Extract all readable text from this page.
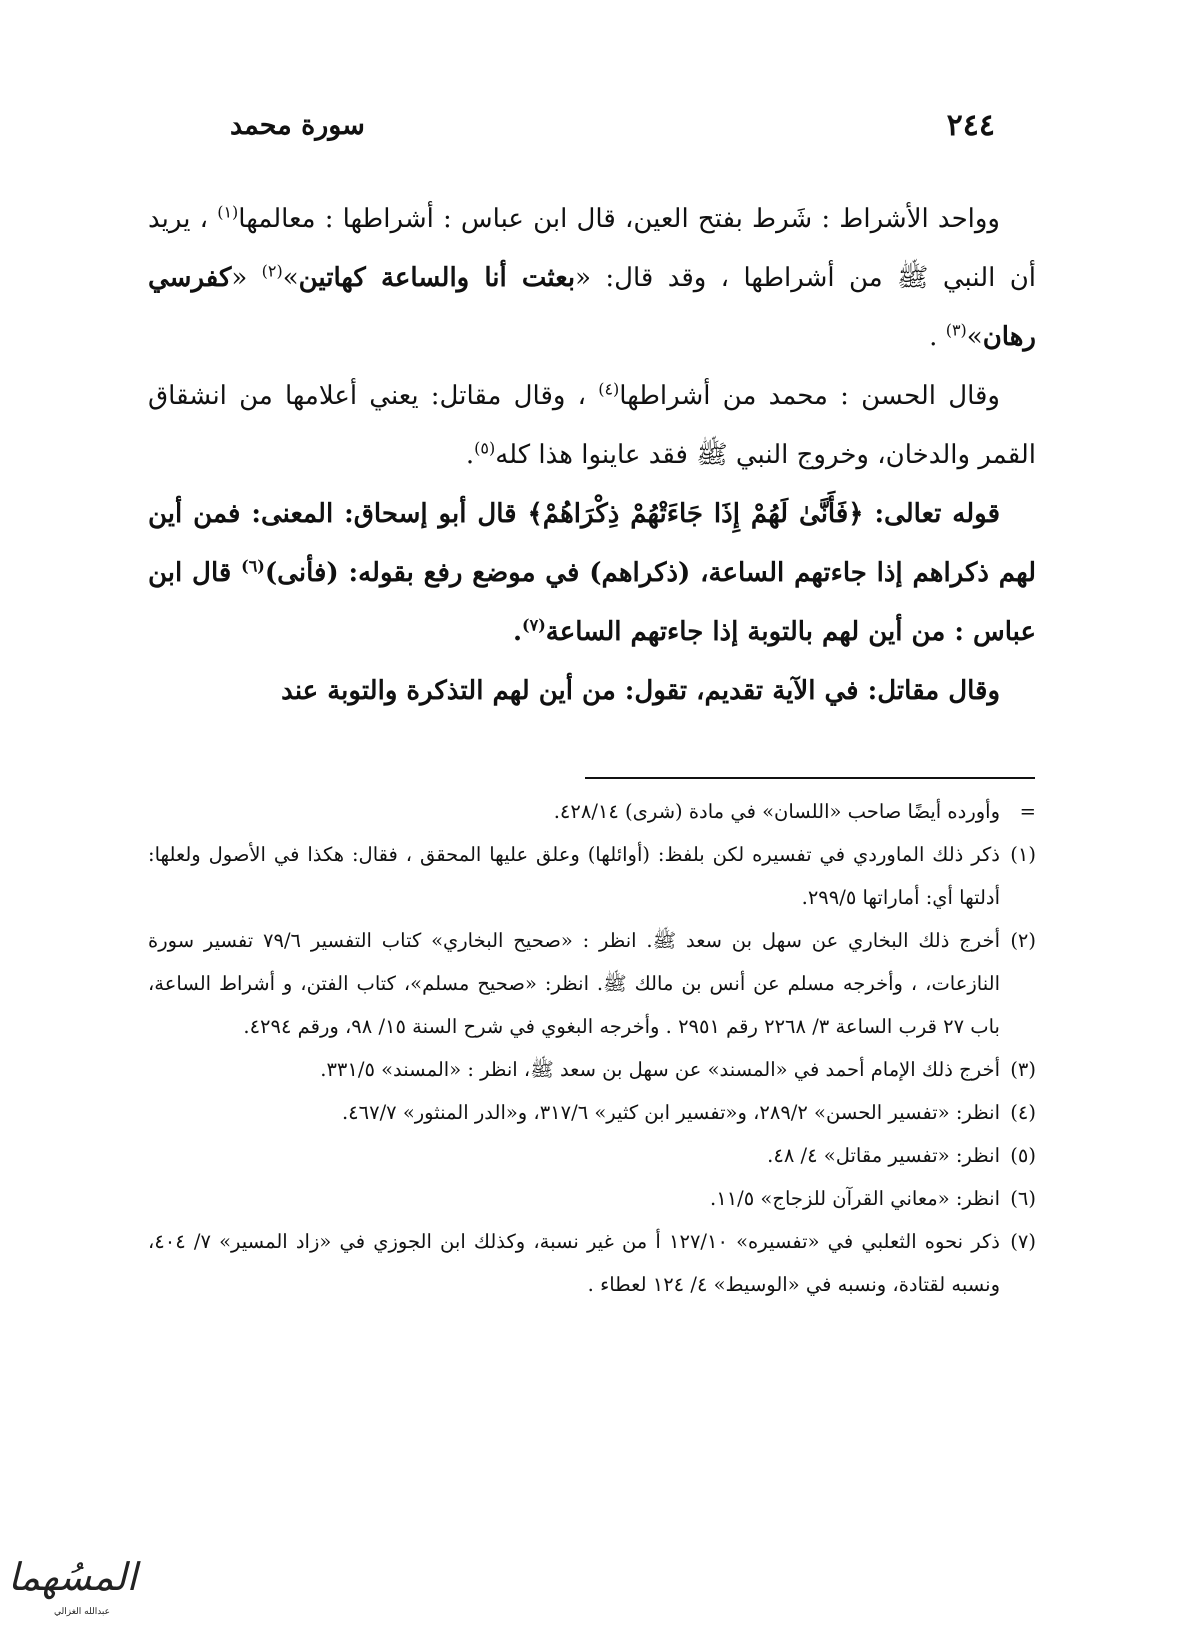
٢٤٤
سورة محمد

وواحد الأشراط : شَرط بفتح العين، قال ابن عباس : أشراطها : معالمها$^{(١)}$ ، يريد أن النبي ﷺ من أشراطها ، وقد قال: «بعثت أنا والساعة كهاتين»$^{(٢)}$ «كفرسي رهان»$^{(٣)}$ .

وقال الحسن : محمد من أشراطها$^{(٤)}$ ، وقال مقاتل: يعني أعلامها من انشقاق القمر والدخان، وخروج النبي ﷺ فقد عاينوا هذا كله$^{(٥)}$.

قوله تعالى: ﴿فَأَنَّىٰ لَهُمْ إِذَا جَاءَتْهُمْ ذِكْرَاهُمْ﴾ قال أبو إسحاق: المعنى: فمن أين لهم ذكراهم إذا جاءتهم الساعة، (ذكراهم) في موضع رفع بقوله: (فأنى)$^{(٦)}$ قال ابن عباس : من أين لهم بالتوبة إذا جاءتهم الساعة$^{(٧)}$.

وقال مقاتل: في الآية تقديم، تقول: من أين لهم التذكرة والتوبة عند

=وأورده أيضًا صاحب «اللسان» في مادة (شرى) ٤٢٨/١٤.

(١)ذكر ذلك الماوردي في تفسيره لكن بلفظ: (أوائلها) وعلق عليها المحقق ، فقال: هكذا في الأصول ولعلها: أدلتها أي: أماراتها ٢٩٩/٥.

(٢)أخرج ذلك البخاري عن سهل بن سعد ﷺ. انظر : «صحيح البخاري» كتاب التفسير ٧٩/٦ تفسير سورة النازعات، ، وأخرجه مسلم عن أنس بن مالك ﷺ. انظر: «صحيح مسلم»، كتاب الفتن، و أشراط الساعة، باب ٢٧ قرب الساعة ٣/ ٢٢٦٨ رقم ٢٩٥١ . وأخرجه البغوي في شرح السنة ١٥/ ٩٨، ورقم ٤٢٩٤.

(٣)أخرج ذلك الإمام أحمد في «المسند» عن سهل بن سعد ﷺ، انظر : «المسند» ٣٣١/٥.

(٤)انظر: «تفسير الحسن» ٢٨٩/٢، و«تفسير ابن كثير» ٣١٧/٦، و«الدر المنثور» ٤٦٧/٧.

(٥)انظر: «تفسير مقاتل» ٤/ ٤٨.

(٦)انظر: «معاني القرآن للزجاج» ١١/٥.

(٧)ذكر نحوه الثعلبي في «تفسيره» ١٢٧/١٠ أ من غير نسبة، وكذلك ابن الجوزي في «زاد المسير» ٧/ ٤٠٤، ونسبه لقتادة، ونسبه في «الوسيط» ٤/ ١٢٤ لعطاء .

المسُهما
عبدالله الغزالي
